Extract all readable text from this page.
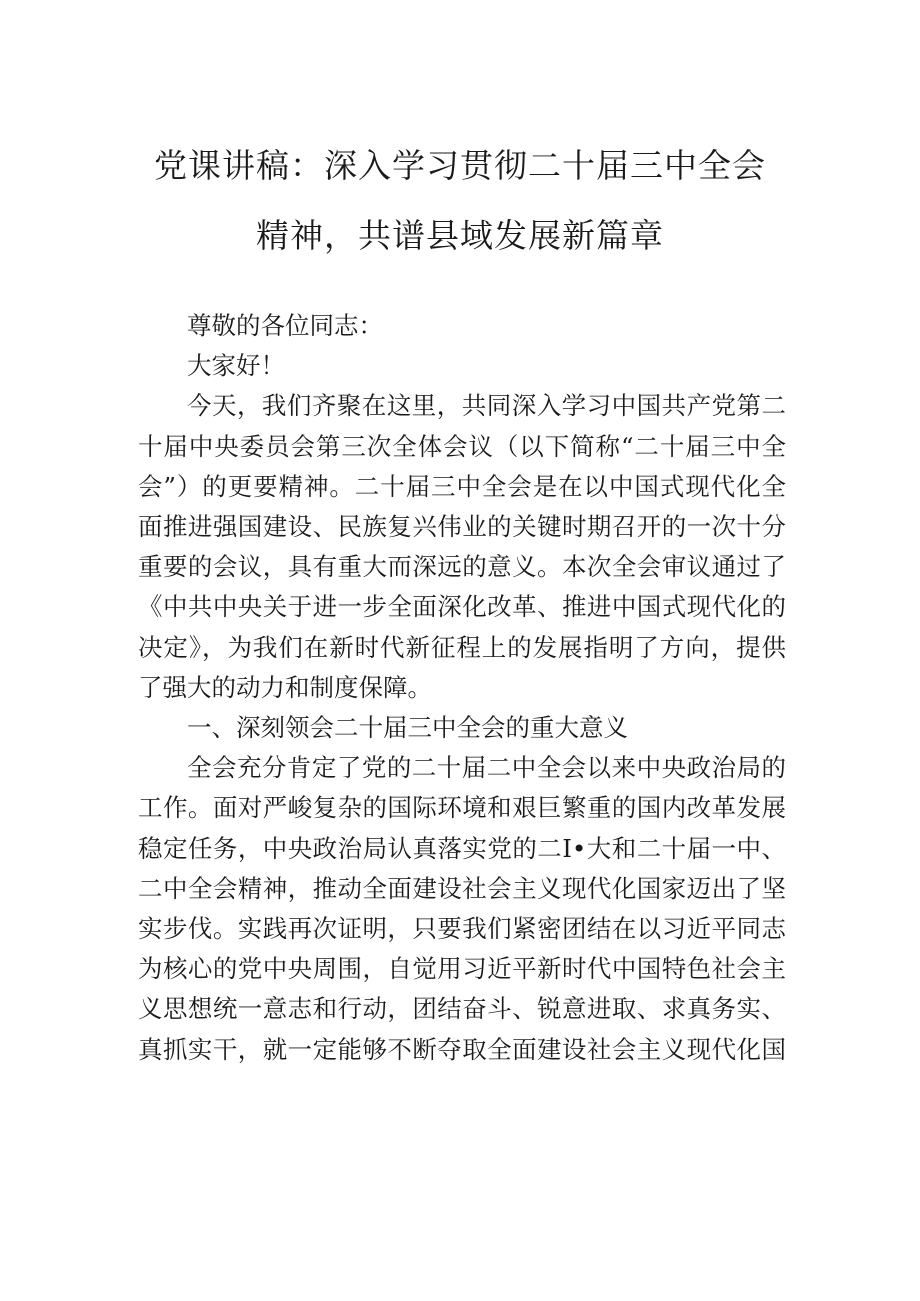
党课讲稿：深入学习贯彻二十届三中全会
精神，共谱县域发展新篇章

尊敬的各位同志：

大家好！

今天，我们齐聚在这里，共同深入学习中国共产党第二
十届中央委员会第三次全体会议（以下简称“二十届三中全
会”）的更要精神。二十届三中全会是在以中国式现代化全
面推进强国建设、民族复兴伟业的关键时期召开的一次十分
重要的会议，具有重大而深远的意义。本次全会审议通过了
《中共中央关于进一步全面深化改革、推进中国式现代化的
决定》，为我们在新时代新征程上的发展指明了方向，提供
了强大的动力和制度保障。

一、深刻领会二十届三中全会的重大意义

全会充分肯定了党的二十届二中全会以来中央政治局的
工作。面对严峻复杂的国际环境和艰巨繁重的国内改革发展
稳定任务，中央政治局认真落实党的二I•大和二十届一中、
二中全会精神，推动全面建设社会主义现代化国家迈出了坚
实步伐。实践再次证明，只要我们紧密团结在以习近平同志
为核心的党中央周围，自觉用习近平新时代中国特色社会主
义思想统一意志和行动，团结奋斗、锐意进取、求真务实、
真抓实干，就一定能够不断夺取全面建设社会主义现代化国
